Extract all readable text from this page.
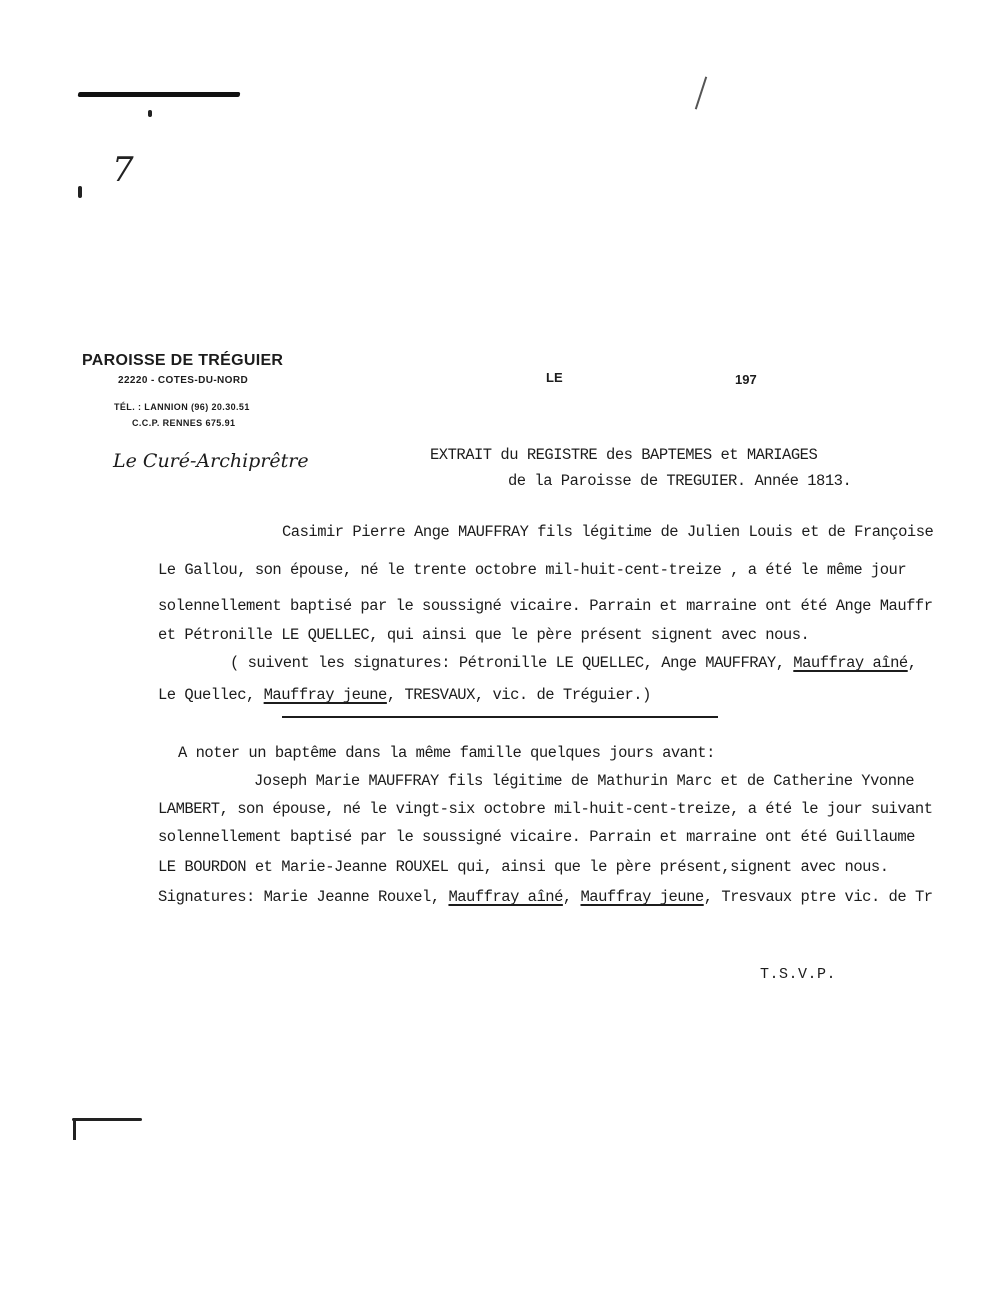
7
PAROISSE DE TRÉGUIER
22220 - COTES-DU-NORD
TÉL. : LANNION (96) 20.30.51
C.C.P. RENNES 675.91
Le Curé-Archiprêtre
LE	197
EXTRAIT du REGISTRE des BAPTEMES et MARIAGES
de la Paroisse de TREGUIER. Année 1813.
Casimir Pierre Ange MAUFFRAY fils légitime de Julien Louis et de Françoise
Le Gallou, son épouse, né le trente octobre mil-huit-cent-treize , a été le même jour
solennellement baptisé par le soussigné vicaire. Parrain et marraine ont été Ange Mauffr
et Pétronille LE QUELLEC, qui ainsi que le père présent signent avec nous.
( suivent les signatures: Pétronille LE QUELLEC, Ange MAUFFRAY, Mauffray aîné,
Le Quellec, Mauffray jeune, TRESVAUX, vic. de Tréguier.)
A noter un baptême dans la même famille quelques jours avant:
Joseph Marie MAUFFRAY fils légitime de Mathurin Marc et de Catherine Yvonne
LAMBERT, son épouse, né le vingt-six octobre mil-huit-cent-treize, a été le jour suivant
solennellement baptisé par le soussigné vicaire. Parrain et marraine ont été Guillaume
LE BOURDON et Marie-Jeanne ROUXEL qui, ainsi que le père présent,signent avec nous.
Signatures: Marie Jeanne Rouxel, Mauffray aîné, Mauffray jeune, Tresvaux ptre vic. de Tr
T.S.V.P.
